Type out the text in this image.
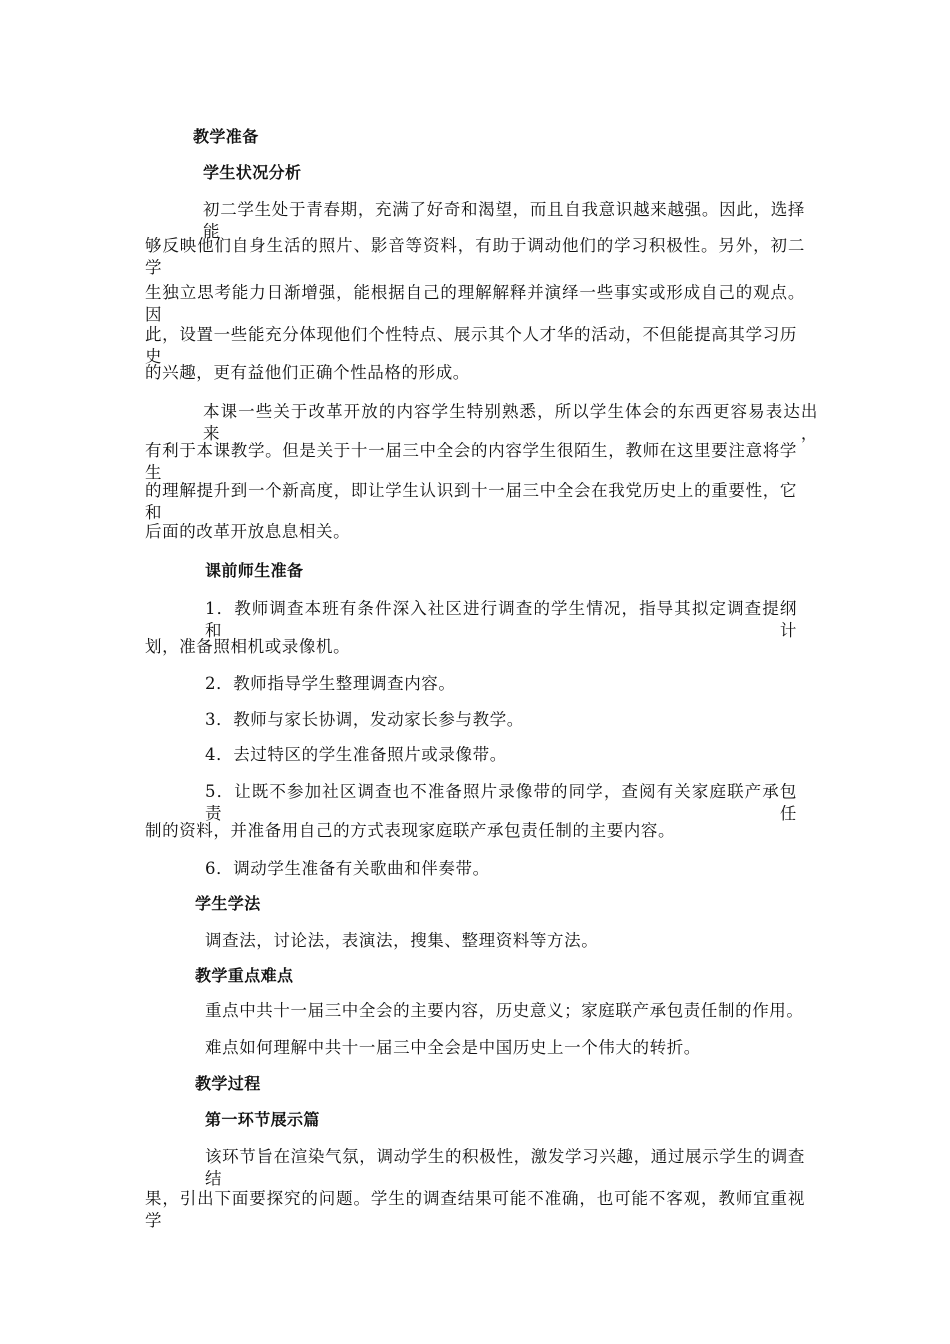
教学准备
学生状况分析
初二学生处于青春期，充满了好奇和渴望，而且自我意识越来越强。因此，选择能
够反映他们自身生活的照片、影音等资料，有助于调动他们的学习积极性。另外，初二学
生独立思考能力日渐增强，能根据自己的理解解释并演绎一些事实或形成自己的观点。因
此，设置一些能充分体现他们个性特点、展示其个人才华的活动，不但能提高其学习历史
的兴趣，更有益他们正确个性品格的形成。
本课一些关于改革开放的内容学生特别熟悉，所以学生体会的东西更容易表达出来，
有利于本课教学。但是关于十一届三中全会的内容学生很陌生，教师在这里要注意将学生
的理解提升到一个新高度，即让学生认识到十一届三中全会在我党历史上的重要性，它和
后面的改革开放息息相关。
课前师生准备
1．教师调查本班有条件深入社区进行调查的学生情况，指导其拟定调查提纲和计
划，准备照相机或录像机。
2．教师指导学生整理调查内容。
3．教师与家长协调，发动家长参与教学。
4．去过特区的学生准备照片或录像带。
5．让既不参加社区调查也不准备照片录像带的同学，查阅有关家庭联产承包责任
制的资料，并准备用自己的方式表现家庭联产承包责任制的主要内容。
6．调动学生准备有关歌曲和伴奏带。
学生学法
调查法，讨论法，表演法，搜集、整理资料等方法。
教学重点难点
重点中共十一届三中全会的主要内容，历史意义；家庭联产承包责任制的作用。
难点如何理解中共十一届三中全会是中国历史上一个伟大的转折。
教学过程
第一环节展示篇
该环节旨在渲染气氛，调动学生的积极性，激发学习兴趣，通过展示学生的调查结
果，引出下面要探究的问题。学生的调查结果可能不准确，也可能不客观，教师宜重视学
